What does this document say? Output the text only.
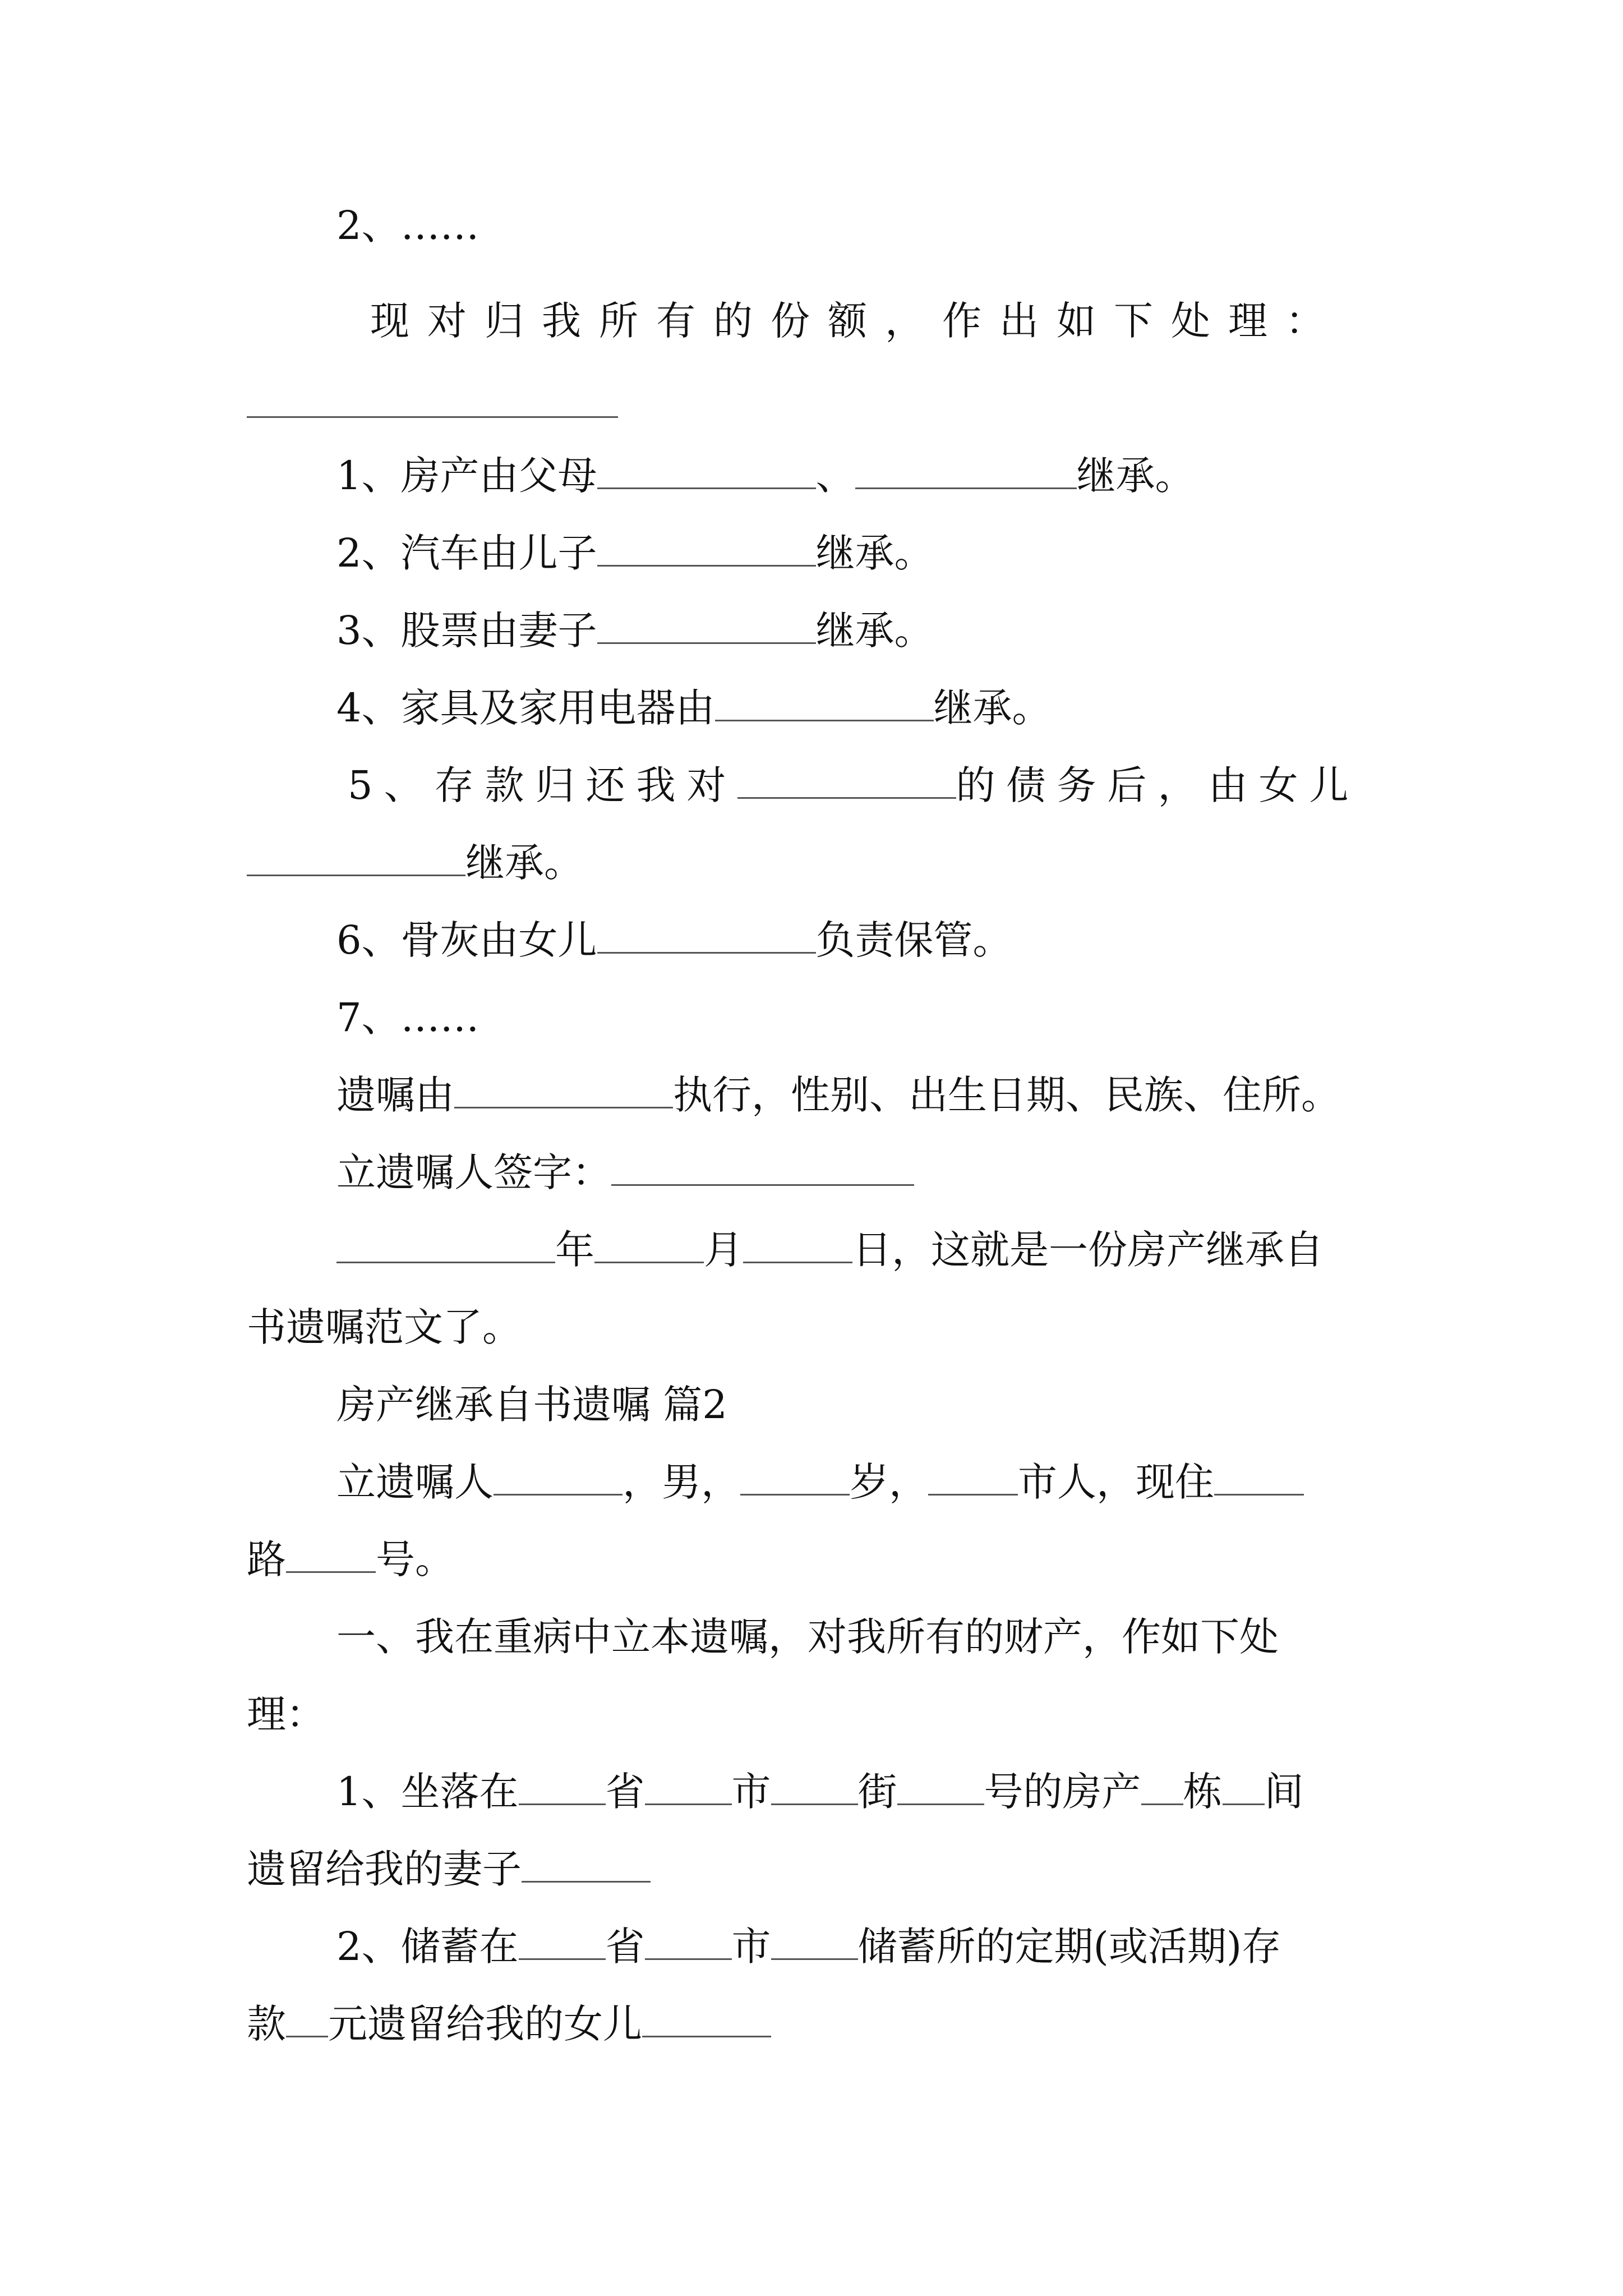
2、……
现对归我所有的份额，作出如下处理：
1、房产由父母	、	继承。
2、汽车由儿子	继承。
3、股票由妻子	继承。
4、家具及家用电器由	继承。
5、存款归还我对	的债务后，由女儿
继承。
6、骨灰由女儿	负责保管。
7、……
遗嘱由	执行，性别、出生日期、民族、住所。
立遗嘱人签字：
年	月	日，这就是一份房产继承自
书遗嘱范文了。
房产继承自书遗嘱 篇2
立遗嘱人	，男，	岁， 市人，现住
路 号。
一、我在重病中立本遗嘱，对我所有的财产，作如下处
理：
1、坐落在 省 市 街 号的房产 栋 间
遗留给我的妻子
2、储蓄在 省 市 储蓄所的定期(或活期)存
款 元遗留给我的女儿
